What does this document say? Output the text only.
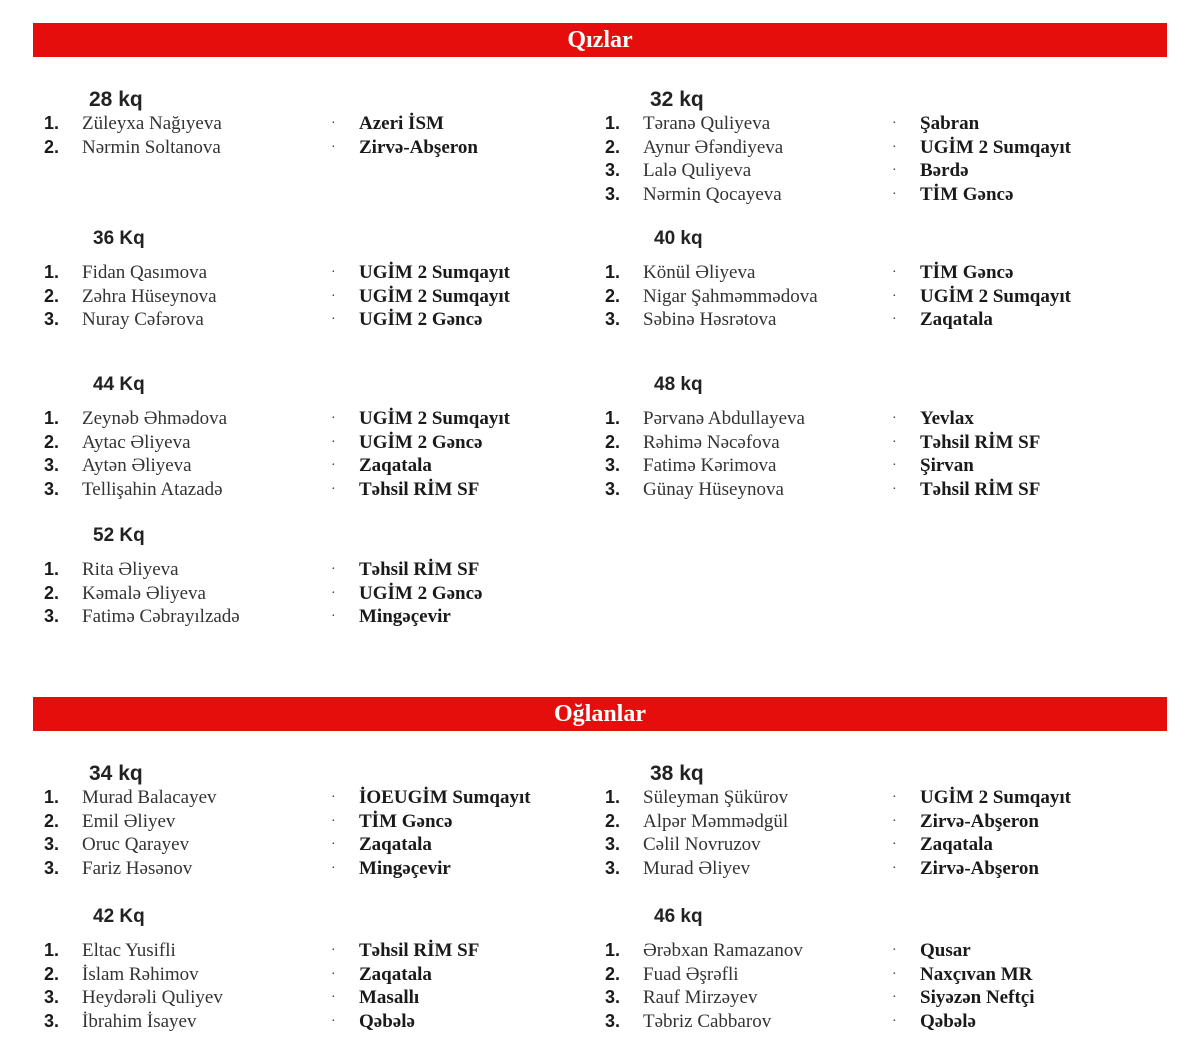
Qızlar
Oğlanlar
28 kq
1. Züleyxa Nağıyeva	· Azeri İSM
2. Nərmin Soltanova	· Zirvə-Abşeron
32 kq
1. Təranə Quliyeva	· Şabran
2. Aynur Əfəndiyeva	· UGİM 2 Sumqayıt
3. Lalə Quliyeva	· Bərdə
3. Nərmin Qocayeva	· TİM Gəncə
36 Kq
1. Fidan Qasımova	· UGİM 2 Sumqayıt
2. Zəhra Hüseynova	· UGİM 2 Sumqayıt
3. Nuray Cəfərova	· UGİM 2 Gəncə
40 kq
1. Könül Əliyeva	· TİM Gəncə
2. Nigar Şahməmmədova	· UGİM 2 Sumqayıt
3. Səbinə Həsrətova	· Zaqatala
44 Kq
1. Zeynəb Əhmədova	· UGİM 2 Sumqayıt
2. Aytac Əliyeva	· UGİM 2 Gəncə
3. Aytən Əliyeva	· Zaqatala
3. Tellişahin Atazadə	· Təhsil RİM SF
48 kq
1. Pərvanə Abdullayeva	· Yevlax
2. Rəhimə Nəcəfova	· Təhsil RİM SF
3. Fatimə Kərimova	· Şirvan
3. Günay Hüseynova	· Təhsil RİM SF
52 Kq
1. Rita Əliyeva	· Təhsil RİM SF
2. Kəmalə Əliyeva	· UGİM 2 Gəncə
3. Fatimə Cəbrayılzadə	· Mingəçevir
34 kq
1. Murad Balacayev	· İOEUGİM Sumqayıt
2. Emil Əliyev	· TİM Gəncə
3. Oruc Qarayev	· Zaqatala
3. Fariz Həsənov	· Mingəçevir
38 kq
1. Süleyman Şükürov	· UGİM 2 Sumqayıt
2. Alpər Məmmədgül	· Zirvə-Abşeron
3. Cəlil Novruzov	· Zaqatala
3. Murad Əliyev	· Zirvə-Abşeron
42 Kq
1. Eltac Yusifli	· Təhsil RİM SF
2. İslam Rəhimov	· Zaqatala
3. Heydərəli Quliyev	· Masallı
3. İbrahim İsayev	· Qəbələ
46 kq
1. Ərəbxan Ramazanov	· Qusar
2. Fuad Əşrəfli	· Naxçıvan MR
3. Rauf Mirzəyev	· Siyəzən Neftçi
3. Təbriz Cabbarov	· Qəbələ
